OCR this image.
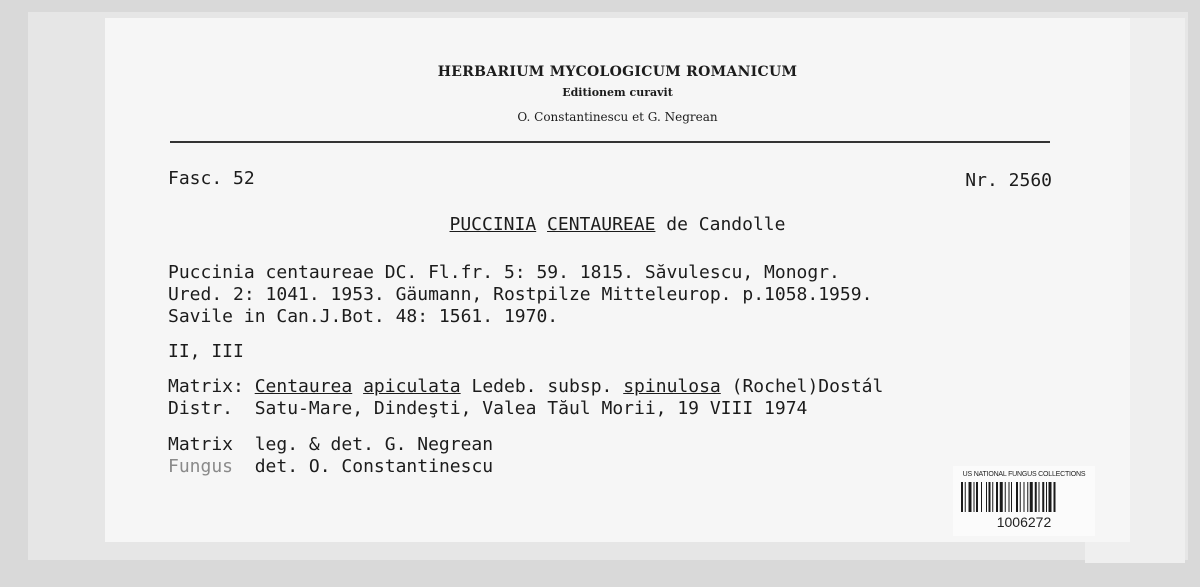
HERBARIUM MYCOLOGICUM ROMANICUM
Editionem curavit
O. Constantinescu et G. Negrean
Fasc. 52	Nr. 2560
PUCCINIA CENTAUREAE de Candolle
Puccinia centaureae DC. Fl.fr. 5: 59. 1815. Săvulescu, Monogr.
Ured. 2: 1041. 1953. Gäumann, Rostpilze Mitteleurop. p.1058.1959.
Savile in Can.J.Bot. 48: 1561. 1970.
II, III
Matrix: Centaurea apiculata Ledeb. subsp. spinulosa (Rochel)Dostál
Distr.  Satu-Mare, Dindeşti, Valea Tăul Morii, 19 VIII 1974
Matrix  leg. & det. G. Negrean
Fungus det. O. Constantinescu	US NATIONAL FUNGUS COLLECTIONS
1006272
